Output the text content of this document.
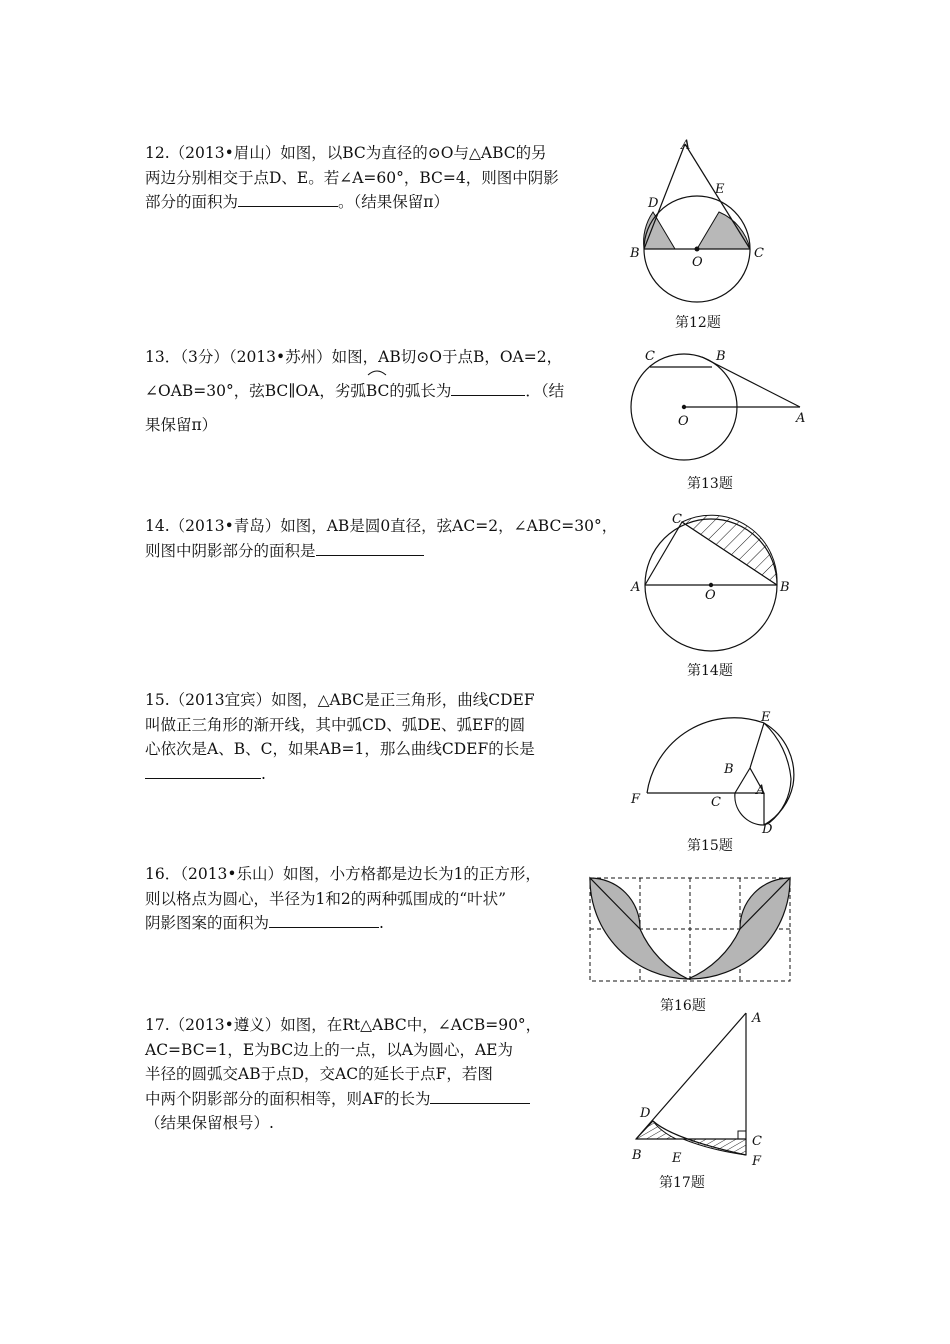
12.（2013•眉山）如图，以BC为直径的⊙O与△ABC的另
两边分别相交于点D、E。若∠A=60°，BC=4，则图中阴影
部分的面积为	。（结果保留π）
A
D
E
B
O
C
第12题
13．（3分）（2013•苏州）如图，AB切⊙O于点B，OA=2，
∠OAB=30°，弦BC∥OA，劣弧
BC的弧长为	．（结
果保留π）
C	B
O	A
第13题
14.（2013•青岛）如图，AB是圆0直径，弦AC=2，∠ABC=30°，
则图中阴影部分的面积是
C
A
O
B
第14题
15.（2013宜宾）如图，△ABC是正三角形，曲线CDEF
叫做正三角形的渐开线，其中弧CD、弧DE、弧EF的圆
心依次是A、B、C，如果AB=1，那么曲线CDEF的长是
.
E
B
A
F	C
D
第15题
16．（2013•乐山）如图，小方格都是边长为1的正方形，
则以格点为圆心，半径为1和2的两种弧围成的“叶状”
阴影图案的面积为	.
第16题
17.（2013•遵义）如图，在Rt△ABC中，∠ACB=90°，
AC=BC=1，E为BC边上的一点，以A为圆心，AE为
半径的圆弧交AB于点D，交AC的延长于点F，若图
中两个阴影部分的面积相等，则AF的长为
（结果保留根号）.
A
D
C
B E	F
第17题
